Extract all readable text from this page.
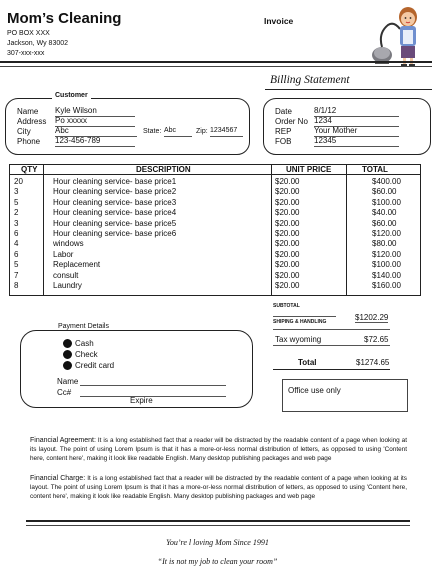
Mom’s Cleaning
PO BOX XXX
Jackson, Wy 83002
307-xxx-xxx
Invoice
Billing Statement
Customer
Name Kyle Wilson
Address Po xxxxx
City	Abc	State: Abc	Zip: 1234567
Phone 123-456-789
Date	8/1/12
Order No 1234
REP	Your Mother
FOB	12345
QTY	DESCRIPTION	UNIT PRICE	TOTAL
20	Hour cleaning service- base price1	$20.00	$400.00
3	Hour cleaning service- base price2	$20.00	$60.00
5	Hour cleaning service- base price3	$20.00	$100.00
2	Hour cleaning service- base price4	$20.00	$40.00
3	Hour cleaning service- base price5	$20.00	$60.00
6	Hour cleaning service- base price6	$20.00	$120.00
4	windows	$20.00	$80.00
6	Labor	$20.00	$120.00
5	Replacement	$20.00	$100.00
7	consult	$20.00	$140.00
8	Laundry	$20.00	$160.00
SUBTOTAL
$1202.29
SHIPING & HANDLING
Tax wyoming	$72.65
Total	$1274.65
Payment Details
Cash
Check
Credit card
Name
Cc#
Expire
Office use only
Financial Agreement: It is a long established fact that a reader will be distracted by the readable content of a page when looking at its layout. The point of using Lorem Ipsum is that it has a more-or-less normal distribution of letters, as opposed to using 'Content here, content here', making it look like readable English. Many desktop publishing packages and web page
Financial Charge: It is a long established fact that a reader will be distracted by the readable content of a page when looking at its layout. The point of using Lorem Ipsum is that it has a more-or-less normal distribution of letters, as opposed to using 'Content here, content here', making it look like readable English. Many desktop publishing packages and web page
You’re l loving Mom Since 1991
“It is not my job to clean your room”
